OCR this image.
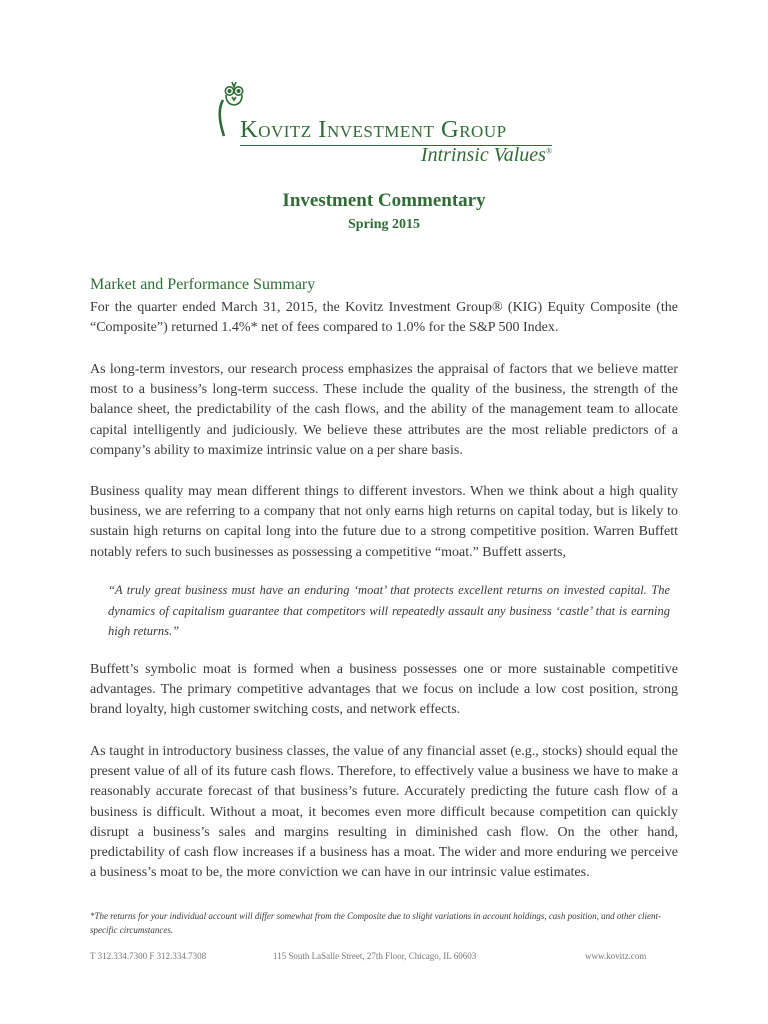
Kovitz Investment Group
Intrinsic Values®
Investment Commentary
Spring 2015
Market and Performance Summary

For the quarter ended March 31, 2015, the Kovitz Investment Group® (KIG) Equity Composite (the “Composite”) returned 1.4%* net of fees compared to 1.0% for the S&P 500 Index.

As long-term investors, our research process emphasizes the appraisal of factors that we believe matter most to a business’s long-term success. These include the quality of the business, the strength of the balance sheet, the predictability of the cash flows, and the ability of the management team to allocate capital intelligently and judiciously. We believe these attributes are the most reliable predictors of a company’s ability to maximize intrinsic value on a per share basis.

Business quality may mean different things to different investors. When we think about a high quality business, we are referring to a company that not only earns high returns on capital today, but is likely to sustain high returns on capital long into the future due to a strong competitive position. Warren Buffett notably refers to such businesses as possessing a competitive “moat.” Buffett asserts,

“A truly great business must have an enduring ‘moat’ that protects excellent returns on invested capital. The dynamics of capitalism guarantee that competitors will repeatedly assault any business ‘castle’ that is earning high returns.”

Buffett’s symbolic moat is formed when a business possesses one or more sustainable competitive advantages. The primary competitive advantages that we focus on include a low cost position, strong brand loyalty, high customer switching costs, and network effects.

As taught in introductory business classes, the value of any financial asset (e.g., stocks) should equal the present value of all of its future cash flows. Therefore, to effectively value a business we have to make a reasonably accurate forecast of that business’s future. Accurately predicting the future cash flow of a business is difficult. Without a moat, it becomes even more difficult because competition can quickly disrupt a business’s sales and margins resulting in diminished cash flow. On the other hand, predictability of cash flow increases if a business has a moat. The wider and more enduring we perceive a business’s moat to be, the more conviction we can have in our intrinsic value estimates.

*The returns for your individual account will differ somewhat from the Composite due to slight variations in account holdings, cash position, and other client-specific circumstances.

T 312.334.7300 F 312.334.7308	115 South LaSalle Street, 27th Floor, Chicago, IL 60603	www.kovitz.com
